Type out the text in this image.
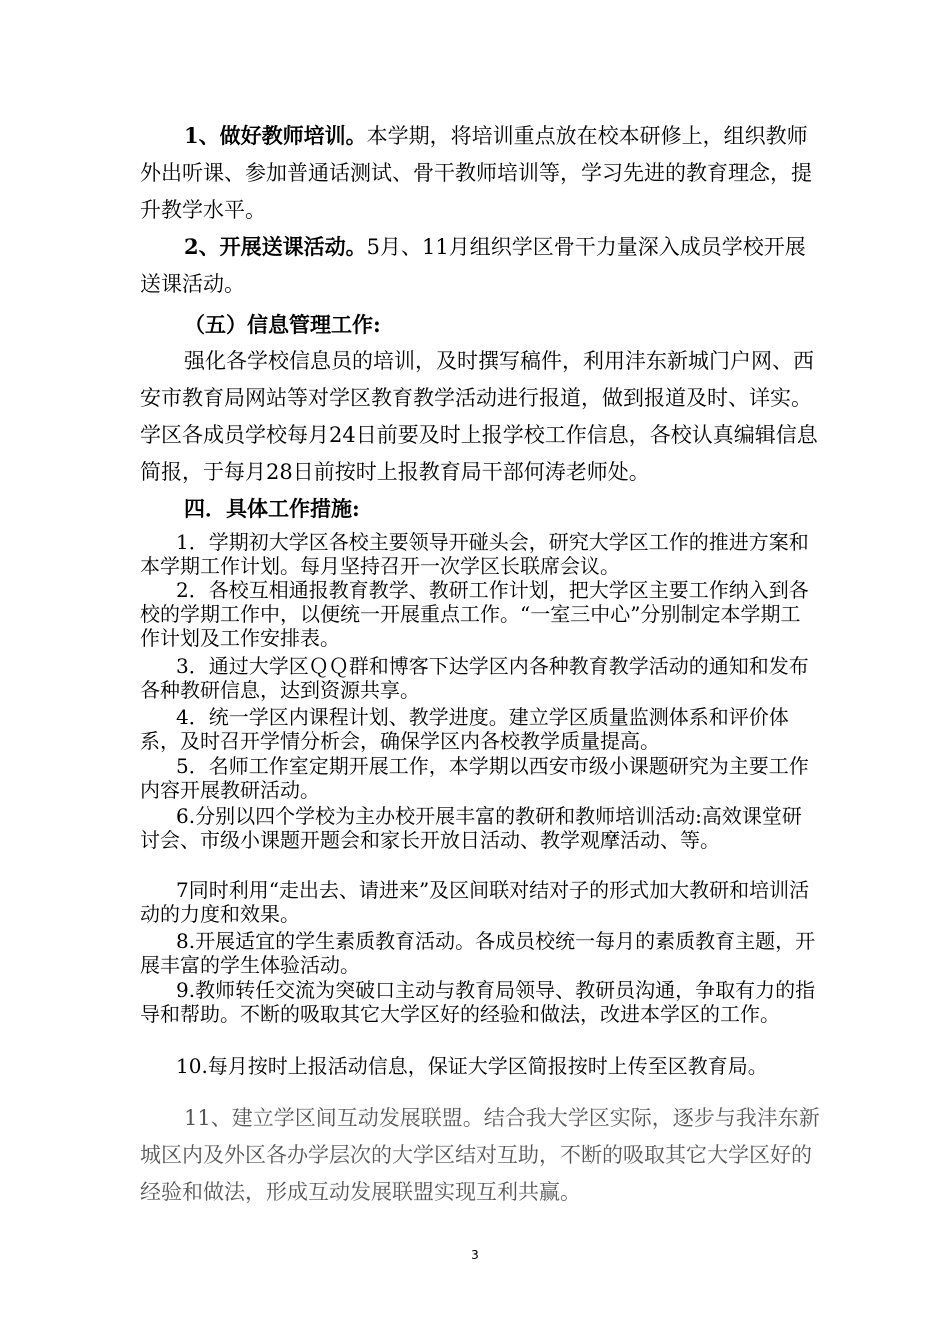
1、做好教师培训。本学期，将培训重点放在校本研修上，组织教师外出听课、参加普通话测试、骨干教师培训等，学习先进的教育理念，提升教学水平。

2、开展送课活动。5月、11月组织学区骨干力量深入成员学校开展送课活动。

（五）信息管理工作:

强化各学校信息员的培训，及时撰写稿件，利用沣东新城门户网、西安市教育局网站等对学区教育教学活动进行报道，做到报道及时、详实。学区各成员学校每月24日前要及时上报学校工作信息，各校认真编辑信息简报，于每月28日前按时上报教育局干部何涛老师处。

四．具体工作措施:

1．学期初大学区各校主要领导开碰头会，研究大学区工作的推进方案和本学期工作计划。每月坚持召开一次学区长联席会议。

2．各校互相通报教育教学、教研工作计划，把大学区主要工作纳入到各校的学期工作中，以便统一开展重点工作。“一室三中心”分别制定本学期工作计划及工作安排表。

3．通过大学区ＱＱ群和博客下达学区内各种教育教学活动的通知和发布各种教研信息，达到资源共享。

4．统一学区内课程计划、教学进度。建立学区质量监测体系和评价体系，及时召开学情分析会，确保学区内各校教学质量提高。

5．名师工作室定期开展工作，本学期以西安市级小课题研究为主要工作内容开展教研活动。

6.分别以四个学校为主办校开展丰富的教研和教师培训活动:高效课堂研讨会、市级小课题开题会和家长开放日活动、教学观摩活动、等。

7同时利用“走出去、请进来”及区间联对结对子的形式加大教研和培训活动的力度和效果。

8.开展适宜的学生素质教育活动。各成员校统一每月的素质教育主题，开展丰富的学生体验活动。

9.教师转任交流为突破口主动与教育局领导、教研员沟通，争取有力的指导和帮助。不断的吸取其它大学区好的经验和做法，改进本学区的工作。

10.每月按时上报活动信息，保证大学区简报按时上传至区教育局。

11、建立学区间互动发展联盟。结合我大学区实际，逐步与我沣东新城区内及外区各办学层次的大学区结对互助，不断的吸取其它大学区好的经验和做法，形成互动发展联盟实现互利共赢。

3
